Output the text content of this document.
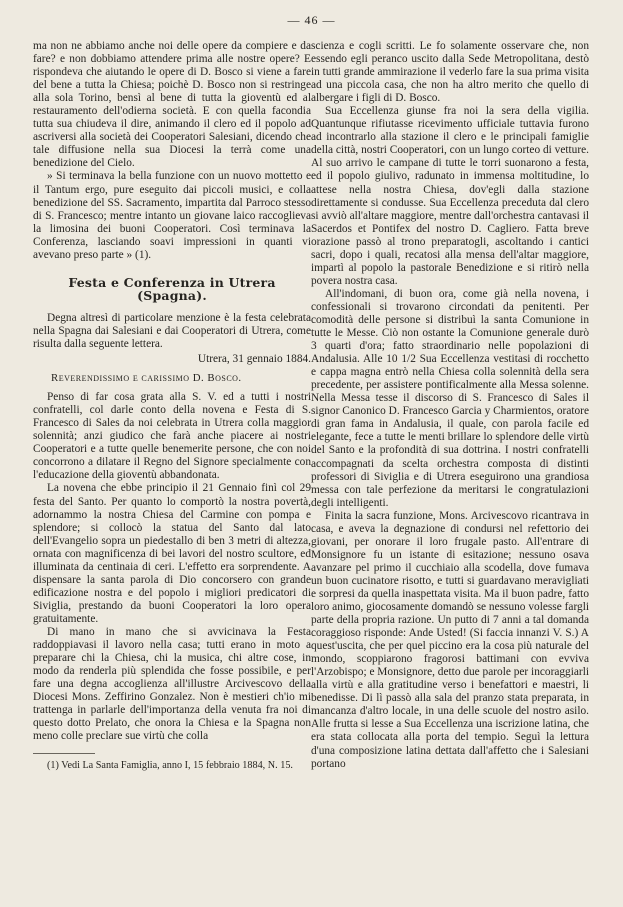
— 46 —

ma non ne abbiamo anche noi delle opere da compiere e da fare? e non dobbiamo attendere prima alle nostre opere? E rispondeva che aiutando le opere di D. Bosco si viene a fare del bene a tutta la Chiesa; poichè D. Bosco non si restringe alla sola Torino, bensì al bene di tutta la gioventù ed al restauramento dell'odierna società. E con quella facondia tutta sua chiudeva il dire, animando il clero ed il popolo ad ascriversi alla società dei Cooperatori Salesiani, dicendo che tale diffusione nella sua Diocesi la terrà come una benedizione del Cielo.

» Si terminava la bella funzione con un nuovo mottetto e il Tantum ergo, pure eseguito dai piccoli musici, e colla benedizione del SS. Sacramento, impartita dal Parroco stesso di S. Francesco; mentre intanto un giovane laico raccoglieva la limosina dei buoni Cooperatori. Così terminava la Conferenza, lasciando soavi impressioni in quanti vi avevano preso parte » (1).

Festa e Conferenza in Utrera (Spagna).

Degna altresì di particolare menzione è la festa celebrata nella Spagna dai Salesiani e dai Cooperatori di Utrera, come risulta dalla seguente lettera.

Utrera, 31 gennaio 1884.

Reverendissimo e carissimo D. Bosco.

Penso di far cosa grata alla S. V. ed a tutti i nostri confratelli, col darle conto della novena e Festa di S. Francesco di Sales da noi celebrata in Utrera colla maggior solennità; anzi giudico che farà anche piacere ai nostri Cooperatori e a tutte quelle benemerite persone, che con noi concorrono a dilatare il Regno del Signore specialmente con l'educazione della gioventù abbandonata.

La novena che ebbe principio il 21 Gennaio finì col 29 festa del Santo. Per quanto lo comportò la nostra povertà, adornammo la nostra Chiesa del Carmine con pompa e splendore; si collocò la statua del Santo dal lato dell'Evangelio sopra un piedestallo di ben 3 metri di altezza, ornata con magnificenza di bei lavori del nostro scultore, ed illuminata da centinaia di ceri. L'effetto era sorprendente. A dispensare la santa parola di Dio concorsero con grande edificazione nostra e del popolo i migliori predicatori di Siviglia, prestando da buoni Cooperatori la loro opera gratuitamente.

Di mano in mano che si avvicinava la Festa raddoppiavasi il lavoro nella casa; tutti erano in moto a preparare chi la Chiesa, chi la musica, chi altre cose, in modo da renderla più splendida che fosse possibile, e per fare una degna accoglienza all'illustre Arcivescovo della Diocesi Mons. Zeffirino Gonzalez. Non è mestieri ch'io mi trattenga in parlarle dell'importanza della venuta fra noi di questo dotto Prelato, che onora la Chiesa e la Spagna non meno colle preclare sue virtù che colla

(1) Vedi La Santa Famiglia, anno I, 15 febbraio 1884, N. 15.

scienza e cogli scritti. Le fo solamente osservare che, non essendo egli peranco uscito dalla Sede Metropolitana, destò in tutti grande ammirazione il vederlo fare la sua prima visita ad una piccola casa, che non ha altro merito che quello di albergare i figli di D. Bosco.

Sua Eccellenza giunse fra noi la sera della vigilia. Quantunque rifiutasse ricevimento ufficiale tuttavia furono ad incontrarlo alla stazione il clero e le principali famiglie della città, nostri Cooperatori, con un lungo corteo di vetture. Al suo arrivo le campane di tutte le torri suonarono a festa, ed il popolo giulivo, radunato in immensa moltitudine, lo attese nella nostra Chiesa, dov'egli dalla stazione direttamente si condusse. Sua Eccellenza preceduta dal clero si avviò all'altare maggiore, mentre dall'orchestra cantavasi il Sacerdos et Pontifex del nostro D. Cagliero. Fatta breve orazione passò al trono preparatogli, ascoltando i cantici sacri, dopo i quali, recatosi alla mensa dell'altar maggiore, impartì al popolo la pastorale Benedizione e si ritirò nella povera nostra casa.

All'indomani, di buon ora, come già nella novena, i confessionali si trovarono circondati da penitenti. Per comodità delle persone si distribuì la santa Comunione in tutte le Messe. Ciò non ostante la Comunione generale durò 3 quarti d'ora; fatto straordinario nelle popolazioni di Andalusia. Alle 10 1/2 Sua Eccellenza vestitasi di rocchetto e cappa magna entrò nella Chiesa colla solennità della sera precedente, per assistere pontificalmente alla Messa solenne. Nella Messa tesse il discorso di S. Francesco di Sales il signor Canonico D. Francesco Garcia y Charmientos, oratore di gran fama in Andalusia, il quale, con parola facile ed elegante, fece a tutte le menti brillare lo splendore delle virtù del Santo e la profondità di sua dottrina. I nostri confratelli accompagnati da scelta orchestra composta di distinti professori di Siviglia e di Utrera eseguirono una grandiosa messa con tale perfezione da meritarsi le congratulazioni degli intelligenti.

Finita la sacra funzione, Mons. Arcivescovo ricantrava in casa, e aveva la degnazione di condursi nel refettorio dei giovani, per onorare il loro frugale pasto. All'entrare di Monsignore fu un istante di esitazione; nessuno osava avanzare pel primo il cucchiaio alla scodella, dove fumava un buon cucinatore risotto, e tutti si guardavano meravigliati e sorpresi da quella inaspettata visita. Ma il buon padre, fatto loro animo, giocosamente domandò se nessuno volesse fargli parte della propria razione. Un putto di 7 anni a tal domanda coraggioso risponde: Ande Usted! (Si faccia innanzi V. S.) A quest'uscita, che per quel piccino era la cosa più naturale del mondo, scoppiarono fragorosi battimani con evviva l'Arzobispo; e Monsignore, detto due parole per incoraggiarli alla virtù e alla gratitudine verso i benefattori e maestri, li benedisse. Di lì passò alla sala del pranzo stata preparata, in mancanza d'altro locale, in una delle scuole del nostro asilo. Alle frutta si lesse a Sua Eccellenza una iscrizione latina, che era stata collocata alla porta del tempio. Seguì la lettura d'una composizione latina dettata dall'affetto che i Salesiani portano
